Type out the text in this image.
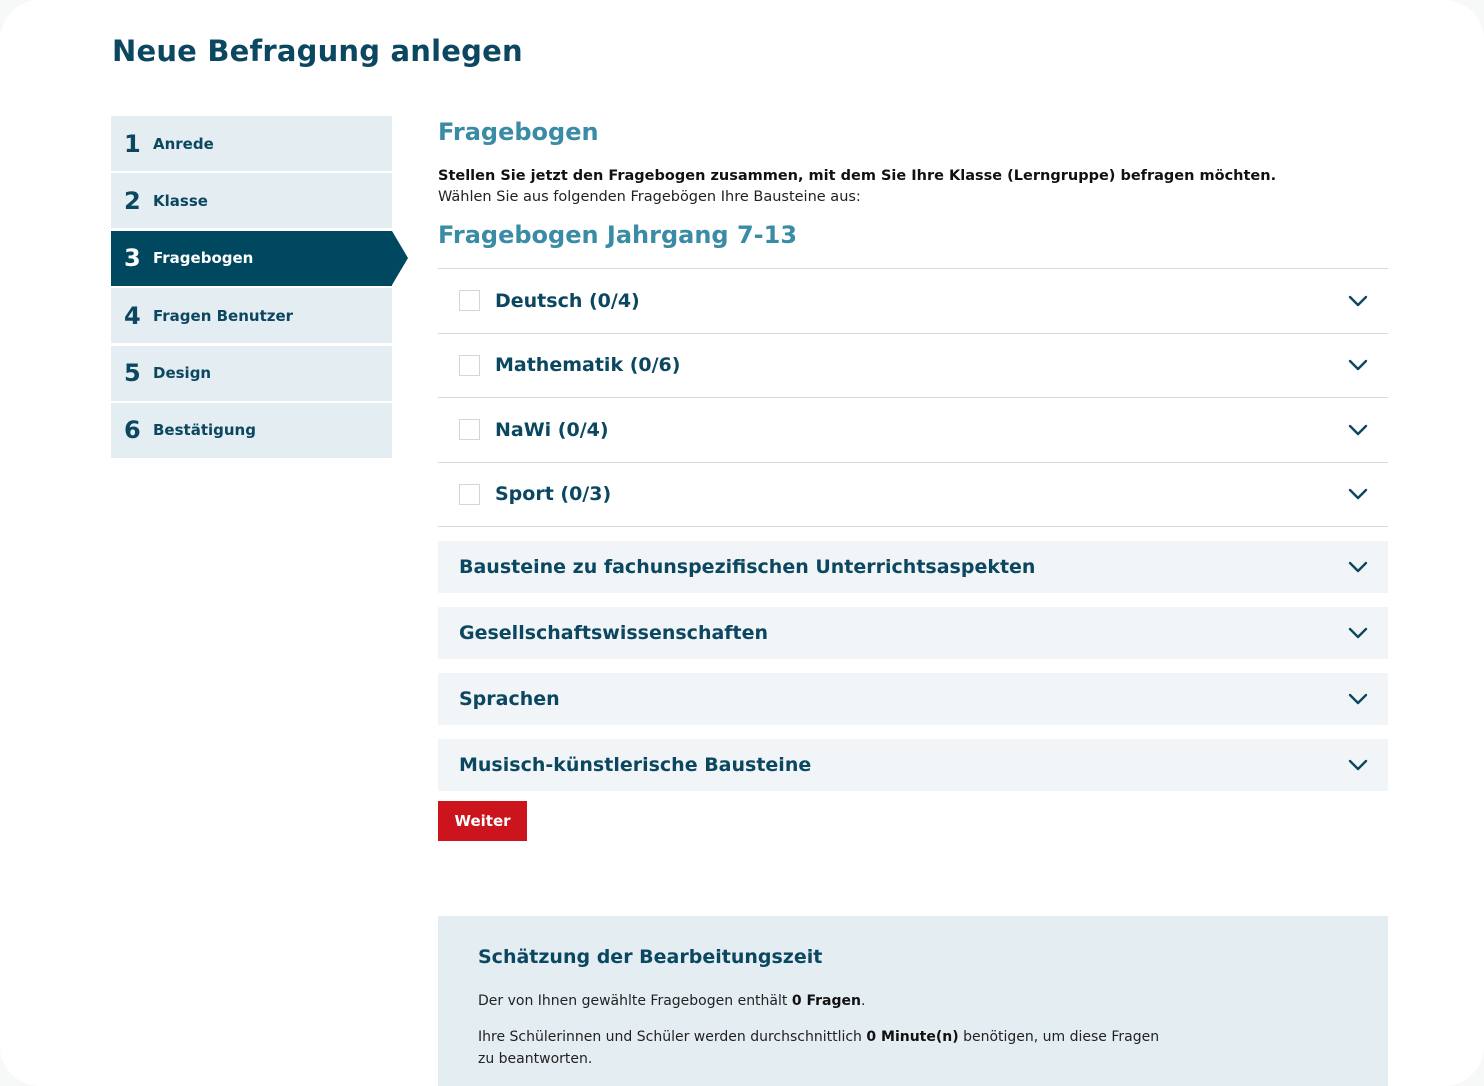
Neue Befragung anlegen
1 Anrede
2 Klasse
3 Fragebogen
4 Fragen Benutzer
5 Design
6 Bestätigung
Fragebogen

Stellen Sie jetzt den Fragebogen zusammen, mit dem Sie Ihre Klasse (Lerngruppe) befragen möchten.

Wählen Sie aus folgenden Fragebögen Ihre Bausteine aus:

Fragebogen Jahrgang 7-13
Deutsch (0/4)
Mathematik (0/6)
NaWi (0/4)
Sport (0/3)
Bausteine zu fachunspezifischen Unterrichtsaspekten
Gesellschaftswissenschaften
Sprachen
Musisch-künstlerische Bausteine
Weiter
Schätzung der Bearbeitungszeit

Der von Ihnen gewählte Fragebogen enthält 0 Fragen.

Ihre Schülerinnen und Schüler werden durchschnittlich 0 Minute(n) benötigen, um diese Fragen zu beantworten.
